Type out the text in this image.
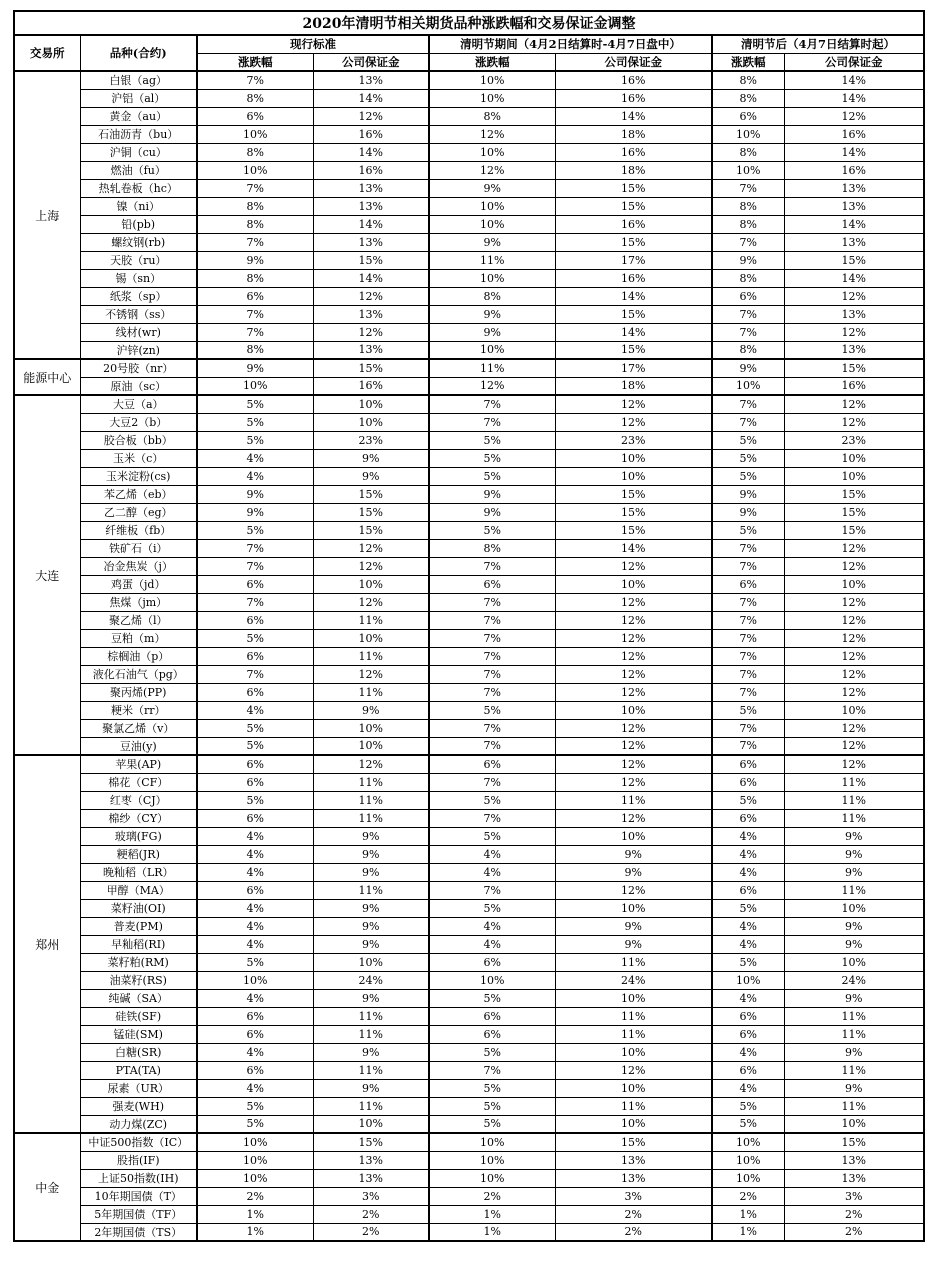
2020年清明节相关期货品种涨跌幅和交易保证金调整							
交易所	品种(合约)	现行标准		清明节期间（4月2日结算时-4月7日盘中）		清明节后（4月7日结算时起）	
		涨跌幅	公司保证金	涨跌幅	公司保证金	涨跌幅	公司保证金
上海	白银（ag）	7%	13%	10%	16%	8%	14%
	沪铝（al）	8%	14%	10%	16%	8%	14%
	黄金（au）	6%	12%	8%	14%	6%	12%
	石油沥青（bu）	10%	16%	12%	18%	10%	16%
	沪铜（cu）	8%	14%	10%	16%	8%	14%
	燃油（fu）	10%	16%	12%	18%	10%	16%
	热轧卷板（hc）	7%	13%	9%	15%	7%	13%
	镍（ni）	8%	13%	10%	15%	8%	13%
	铅(pb)	8%	14%	10%	16%	8%	14%
	螺纹钢(rb)	7%	13%	9%	15%	7%	13%
	天胶（ru）	9%	15%	11%	17%	9%	15%
	锡（sn）	8%	14%	10%	16%	8%	14%
	纸浆（sp）	6%	12%	8%	14%	6%	12%
	不锈钢（ss）	7%	13%	9%	15%	7%	13%
	线材(wr)	7%	12%	9%	14%	7%	12%
	沪锌(zn)	8%	13%	10%	15%	8%	13%
能源中心	20号胶（nr）	9%	15%	11%	17%	9%	15%
	原油（sc）	10%	16%	12%	18%	10%	16%
大连	大豆（a）	5%	10%	7%	12%	7%	12%
	大豆2（b）	5%	10%	7%	12%	7%	12%
	胶合板（bb）	5%	23%	5%	23%	5%	23%
	玉米（c）	4%	9%	5%	10%	5%	10%
	玉米淀粉(cs)	4%	9%	5%	10%	5%	10%
	苯乙烯（eb）	9%	15%	9%	15%	9%	15%
	乙二醇（eg）	9%	15%	9%	15%	9%	15%
	纤维板（fb）	5%	15%	5%	15%	5%	15%
	铁矿石（i）	7%	12%	8%	14%	7%	12%
	冶金焦炭（j）	7%	12%	7%	12%	7%	12%
	鸡蛋（jd）	6%	10%	6%	10%	6%	10%
	焦煤（jm）	7%	12%	7%	12%	7%	12%
	聚乙烯（l）	6%	11%	7%	12%	7%	12%
	豆粕（m）	5%	10%	7%	12%	7%	12%
	棕榈油（p）	6%	11%	7%	12%	7%	12%
	液化石油气（pg）	7%	12%	7%	12%	7%	12%
	聚丙烯(PP)	6%	11%	7%	12%	7%	12%
	粳米（rr）	4%	9%	5%	10%	5%	10%
	聚氯乙烯（v）	5%	10%	7%	12%	7%	12%
	豆油(y)	5%	10%	7%	12%	7%	12%
郑州	苹果(AP)	6%	12%	6%	12%	6%	12%
	棉花（CF）	6%	11%	7%	12%	6%	11%
	红枣（CJ）	5%	11%	5%	11%	5%	11%
	棉纱（CY）	6%	11%	7%	12%	6%	11%
	玻璃(FG)	4%	9%	5%	10%	4%	9%
	粳稻(JR)	4%	9%	4%	9%	4%	9%
	晚籼稻（LR）	4%	9%	4%	9%	4%	9%
	甲醇（MA）	6%	11%	7%	12%	6%	11%
	菜籽油(OI)	4%	9%	5%	10%	5%	10%
	普麦(PM)	4%	9%	4%	9%	4%	9%
	早籼稻(RI)	4%	9%	4%	9%	4%	9%
	菜籽粕(RM)	5%	10%	6%	11%	5%	10%
	油菜籽(RS)	10%	24%	10%	24%	10%	24%
	纯碱（SA）	4%	9%	5%	10%	4%	9%
	硅铁(SF)	6%	11%	6%	11%	6%	11%
	锰硅(SM)	6%	11%	6%	11%	6%	11%
	白糖(SR)	4%	9%	5%	10%	4%	9%
	PTA(TA)	6%	11%	7%	12%	6%	11%
	尿素（UR）	4%	9%	5%	10%	4%	9%
	强麦(WH)	5%	11%	5%	11%	5%	11%
	动力煤(ZC)	5%	10%	5%	10%	5%	10%
中金	中证500指数（IC）	10%	15%	10%	15%	10%	15%
	股指(IF)	10%	13%	10%	13%	10%	13%
	上证50指数(IH)	10%	13%	10%	13%	10%	13%
	10年期国债（T）	2%	3%	2%	3%	2%	3%
	5年期国债（TF）	1%	2%	1%	2%	1%	2%
	2年期国债（TS）	1%	2%	1%	2%	1%	2%
